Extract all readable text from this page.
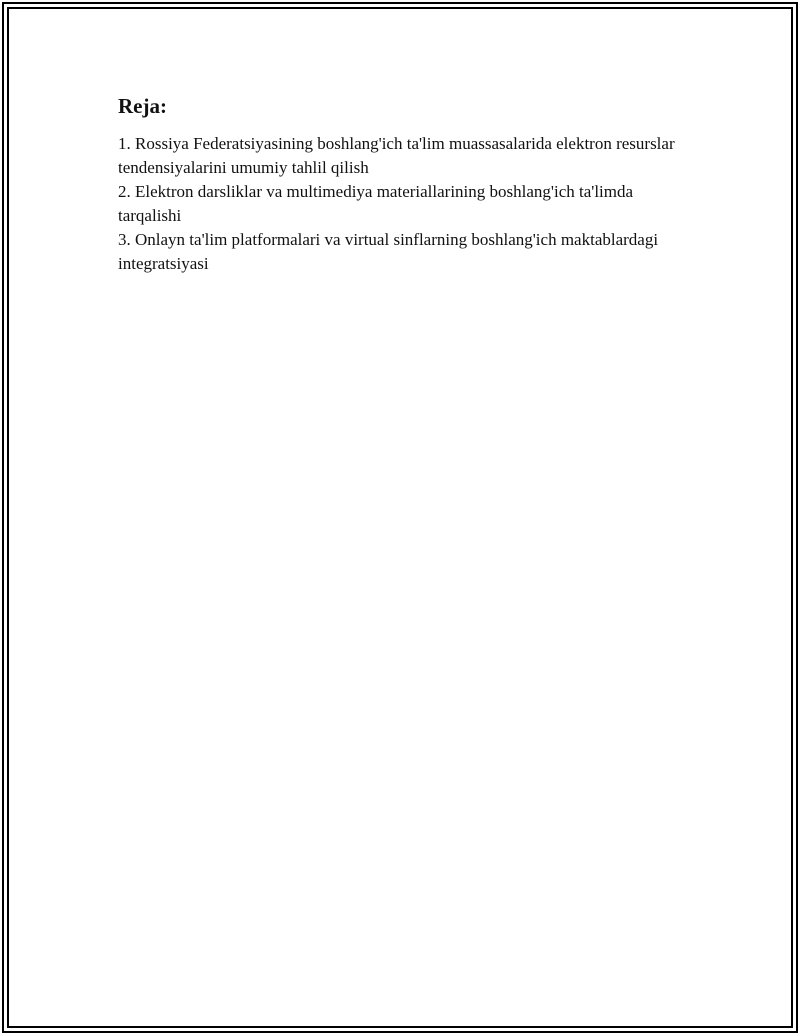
Reja:
1. Rossiya Federatsiyasining boshlang'ich ta'lim muassasalarida elektron resurslar tendensiyalarini umumiy tahlil qilish
2. Elektron darsliklar va multimediya materiallarining boshlang'ich ta'limda tarqalishi
3. Onlayn ta'lim platformalari va virtual sinflarning boshlang'ich maktablardagi integratsiyasi
